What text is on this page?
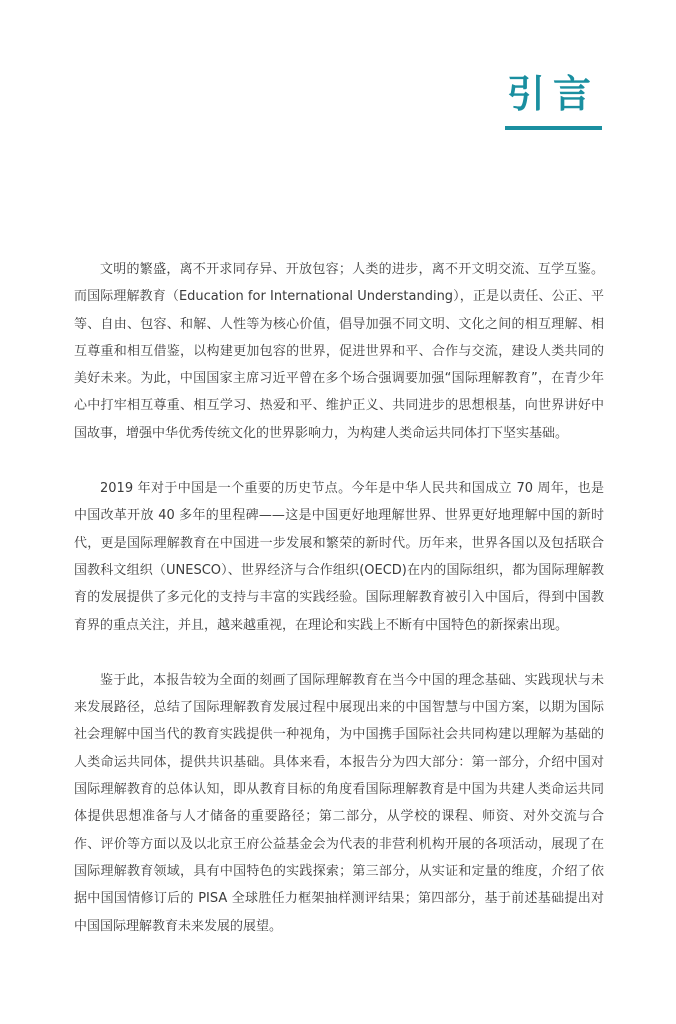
引言

文明的繁盛，离不开求同存异、开放包容；人类的进步，离不开文明交流、互学互鉴。而国际理解教育（Education for International Understanding），正是以责任、公正、平等、自由、包容、和解、人性等为核心价值，倡导加强不同文明、文化之间的相互理解、相互尊重和相互借鉴，以构建更加包容的世界，促进世界和平、合作与交流，建设人类共同的美好未来。为此，中国国家主席习近平曾在多个场合强调要加强“国际理解教育”，在青少年心中打牢相互尊重、相互学习、热爱和平、维护正义、共同进步的思想根基，向世界讲好中国故事，增强中华优秀传统文化的世界影响力，为构建人类命运共同体打下坚实基础。

2019 年对于中国是一个重要的历史节点。今年是中华人民共和国成立 70 周年，也是中国改革开放 40 多年的里程碑——这是中国更好地理解世界、世界更好地理解中国的新时代，更是国际理解教育在中国进一步发展和繁荣的新时代。历年来，世界各国以及包括联合国教科文组织（UNESCO）、世界经济与合作组织(OECD)在内的国际组织，都为国际理解教育的发展提供了多元化的支持与丰富的实践经验。国际理解教育被引入中国后，得到中国教育界的重点关注，并且，越来越重视，在理论和实践上不断有中国特色的新探索出现。

鉴于此，本报告较为全面的刻画了国际理解教育在当今中国的理念基础、实践现状与未来发展路径，总结了国际理解教育发展过程中展现出来的中国智慧与中国方案，以期为国际社会理解中国当代的教育实践提供一种视角，为中国携手国际社会共同构建以理解为基础的人类命运共同体，提供共识基础。具体来看，本报告分为四大部分：第一部分，介绍中国对国际理解教育的总体认知，即从教育目标的角度看国际理解教育是中国为共建人类命运共同体提供思想准备与人才储备的重要路径；第二部分，从学校的课程、师资、对外交流与合作、评价等方面以及以北京王府公益基金会为代表的非营利机构开展的各项活动，展现了在国际理解教育领域，具有中国特色的实践探索；第三部分，从实证和定量的维度，介绍了依据中国国情修订后的 PISA 全球胜任力框架抽样测评结果；第四部分，基于前述基础提出对中国国际理解教育未来发展的展望。
